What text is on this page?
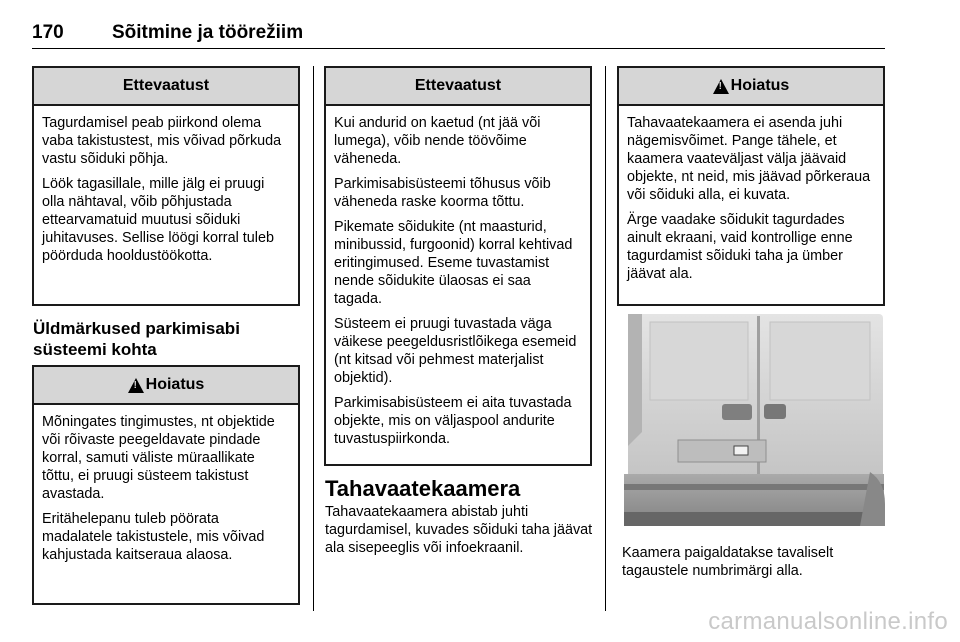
170	Sõitmine ja töörežiim
Ettevaatust

Tagurdamisel peab piirkond olema vaba takistustest, mis võivad põrkuda vastu sõiduki põhja.

Löök tagasillale, mille jälg ei pruugi olla nähtaval, võib põhjustada ettearvamatuid muutusi sõiduki juhitavuses. Sellise löögi korral tuleb pöörduda hooldustöökotta.

Üldmärkused parkimisabi süsteemi kohta
!
Hoiatus

Mõningates tingimustes, nt objektide või rõivaste peegeldavate pindade korral, samuti väliste müraallikate tõttu, ei pruugi süsteem takistust avastada.

Eritähelepanu tuleb pöörata madalatele takistustele, mis võivad kahjustada kaitseraua alaosa.

Ettevaatust

Kui andurid on kaetud (nt jää või lumega), võib nende töövõime väheneda.

Parkimisabisüsteemi tõhusus võib väheneda raske koorma tõttu.

Pikemate sõidukite (nt maasturid, minibussid, furgoonid) korral kehtivad eritingimused. Eseme tuvastamist nende sõidukite ülaosas ei saa tagada.

Süsteem ei pruugi tuvastada väga väikese peegeldusristlõikega esemeid (nt kitsad või pehmest materjalist objektid).

Parkimisabisüsteem ei aita tuvastada objekte, mis on väljaspool andurite tuvastuspiirkonda.

Tahavaatekaamera
Tahavaatekaamera abistab juhti tagurdamisel, kuvades sõiduki taha jäävat ala sisepeeglis või infoekraanil.
!
Hoiatus

Tahavaatekaamera ei asenda juhi nägemisvõimet. Pange tähele, et kaamera vaateväljast välja jäävaid objekte, nt neid, mis jäävad põrkeraua või sõiduki alla, ei kuvata.

Ärge vaadake sõidukit tagurdades ainult ekraani, vaid kontrollige enne tagurdamist sõiduki taha ja ümber jäävat ala.

Kaamera paigaldatakse tavaliselt tagaustele numbrimärgi alla.
carmanualsonline.info
